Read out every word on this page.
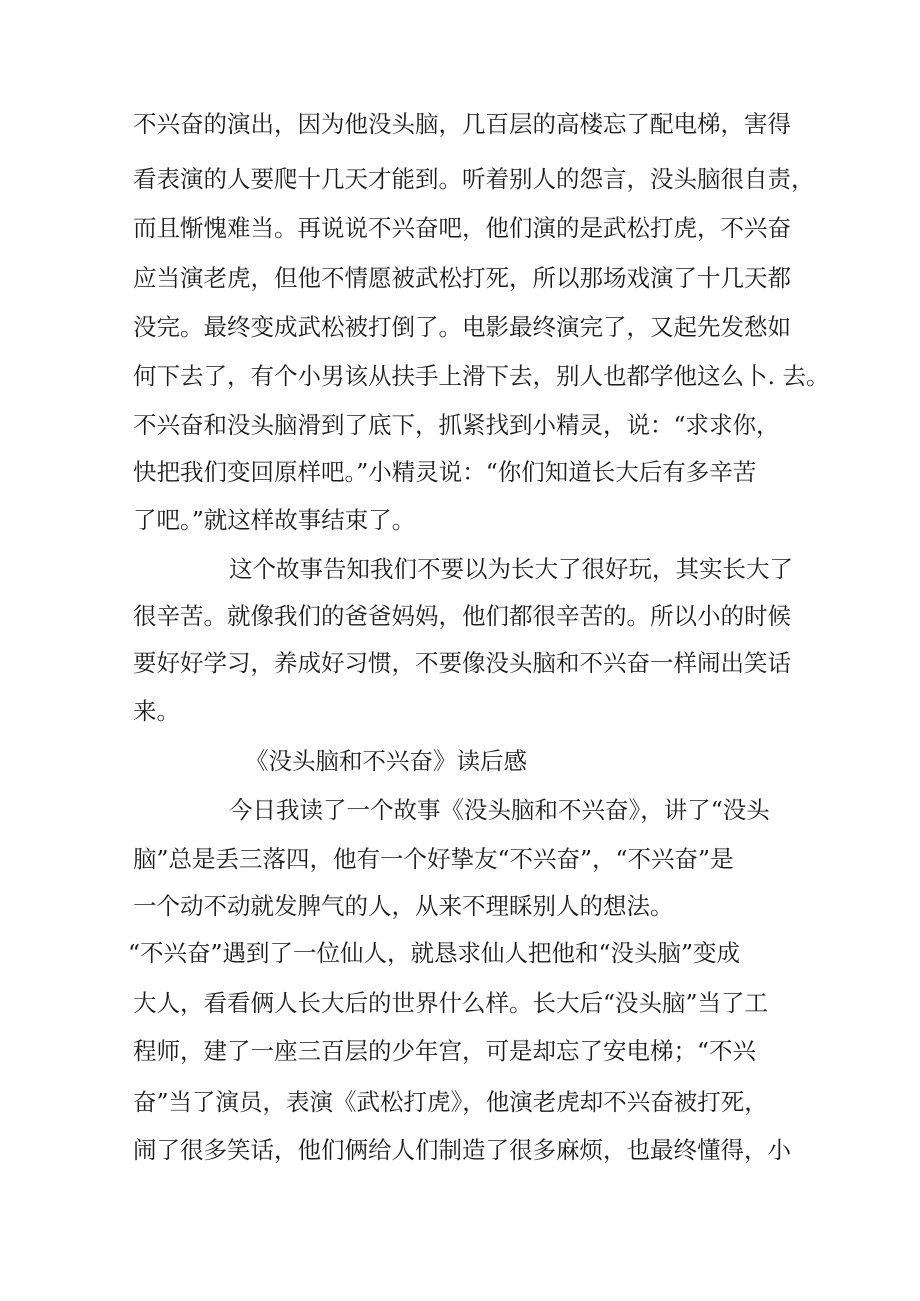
不兴奋的演出，因为他没头脑，几百层的高楼忘了配电梯，害得
看表演的人要爬十几天才能到。听着别人的怨言，没头脑很自责，
而且惭愧难当。再说说不兴奋吧，他们演的是武松打虎，不兴奋
应当演老虎，但他不情愿被武松打死，所以那场戏演了十几天都
没完。最终变成武松被打倒了。电影最终演完了，又起先发愁如
何下去了，有个小男该从扶手上滑下去，别人也都学他这么卜. 去。
不兴奋和没头脑滑到了底下，抓紧找到小精灵，说：“求求你，
快把我们变回原样吧。”小精灵说：“你们知道长大后有多辛苦
了吧。”就这样故事结束了。
这个故事告知我们不要以为长大了很好玩，其实长大了
很辛苦。就像我们的爸爸妈妈，他们都很辛苦的。所以小的时候
要好好学习，养成好习惯，不要像没头脑和不兴奋一样闹出笑话
来。
《没头脑和不兴奋》读后感
今日我读了一个故事《没头脑和不兴奋》，讲了“没头
脑”总是丢三落四，他有一个好挚友“不兴奋”，“不兴奋”是
一个动不动就发脾气的人，从来不理睬别人的想法。
“不兴奋”遇到了一位仙人，就恳求仙人把他和“没头脑”变成
大人，看看俩人长大后的世界什么样。长大后“没头脑”当了工
程师，建了一座三百层的少年宫，可是却忘了安电梯；“不兴
奋”当了演员，表演《武松打虎》，他演老虎却不兴奋被打死，
闹了很多笑话，他们俩给人们制造了很多麻烦，也最终懂得，小
